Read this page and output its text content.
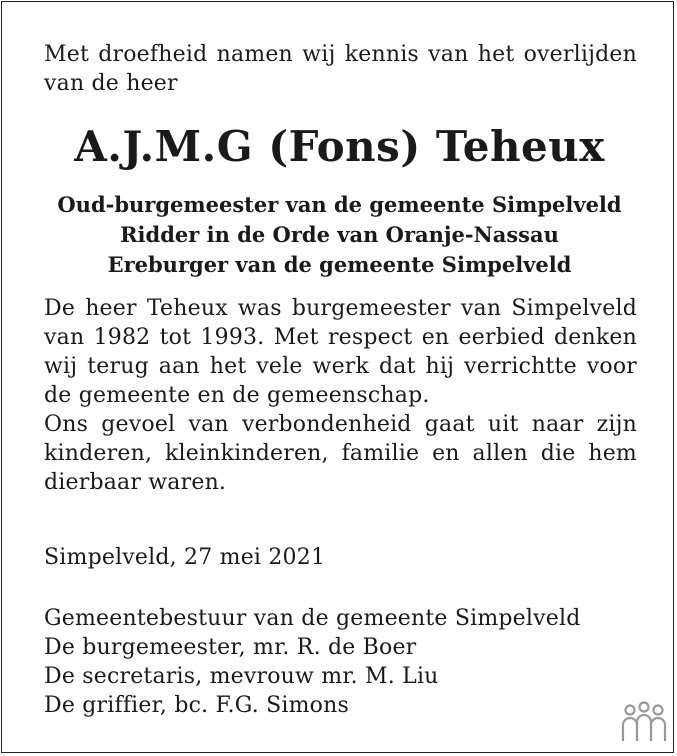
Met droefheid namen wij kennis van het overlijden van de heer
A.J.M.G (Fons) Teheux
Oud-burgemeester van de gemeente Simpelveld
Ridder in de Orde van Oranje-Nassau
Ereburger van de gemeente Simpelveld
De heer Teheux was burgemeester van Simpelveld van 1982 tot 1993. Met respect en eerbied denken wij terug aan het vele werk dat hij verrichtte voor de gemeente en de gemeenschap.
Ons gevoel van verbondenheid gaat uit naar zijn kinderen, kleinkinderen, familie en allen die hem dierbaar waren.
Simpelveld, 27 mei 2021
Gemeentebestuur van de gemeente Simpelveld
De burgemeester, mr. R. de Boer
De secretaris, mevrouw mr. M. Liu
De griffier, bc. F.G. Simons
